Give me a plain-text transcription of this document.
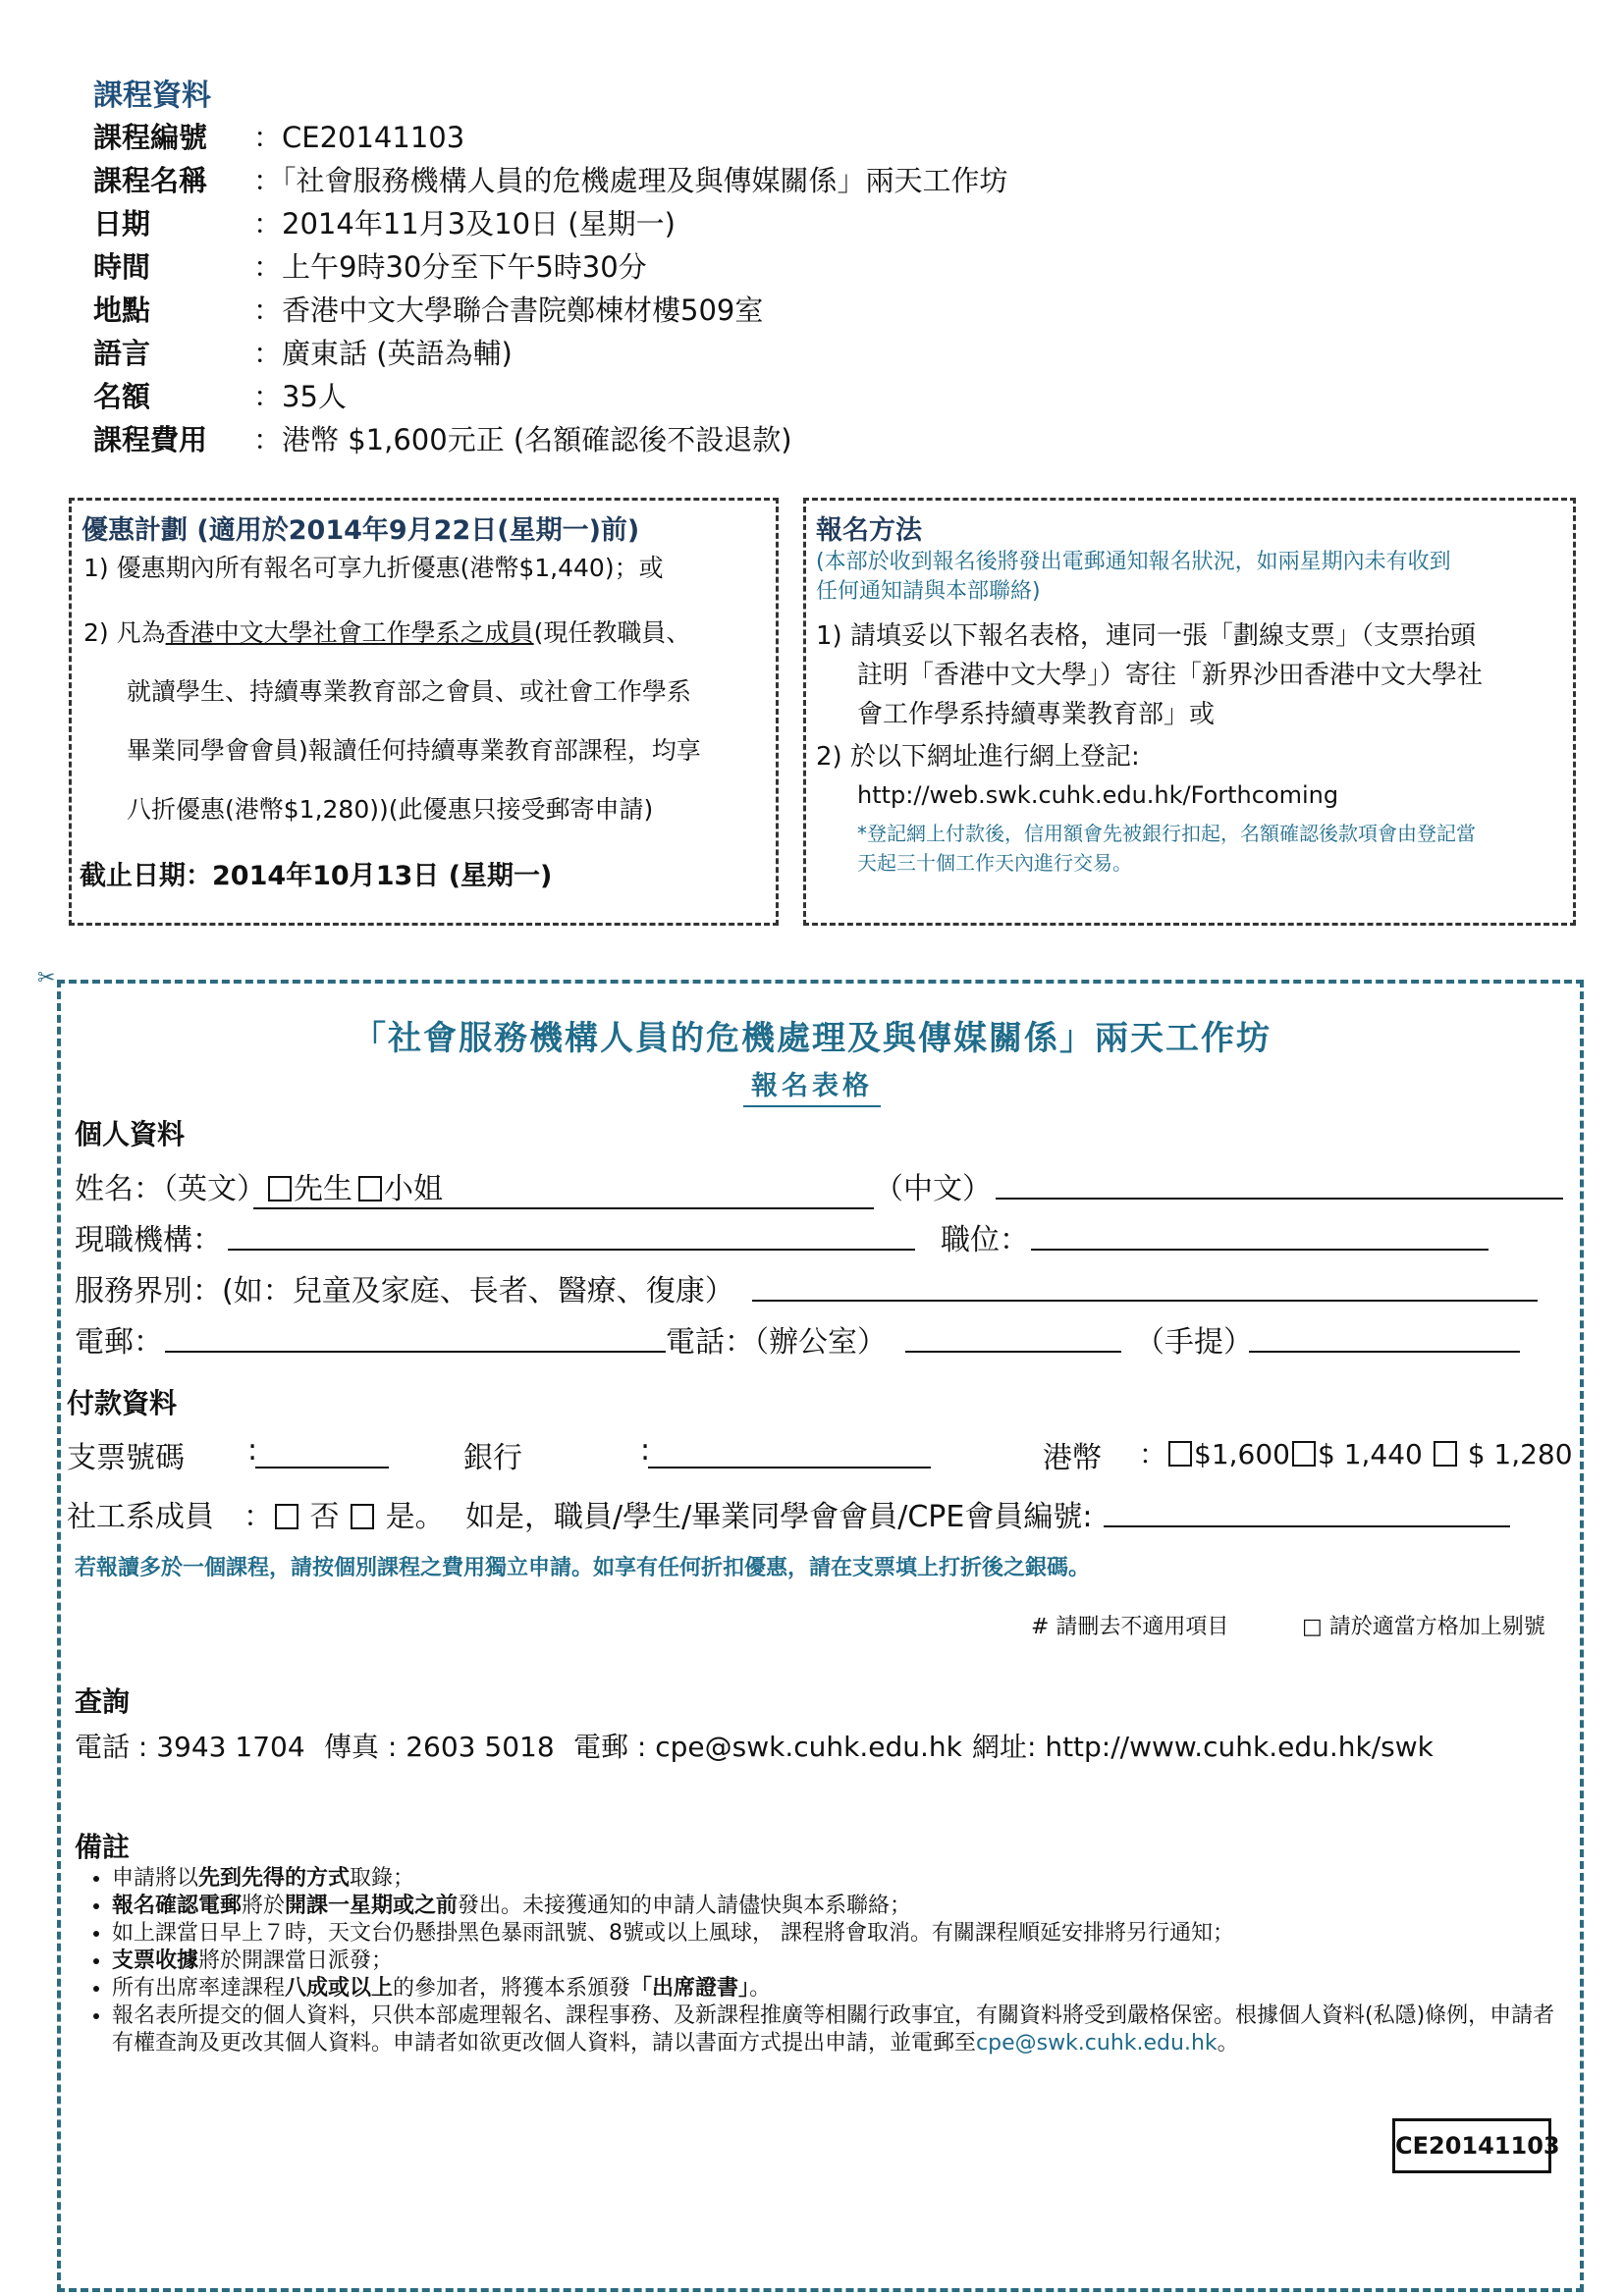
課程資料
課程編號 ：CE20141103
課程名稱 ：「社會服務機構人員的危機處理及與傳媒關係」兩天工作坊
日期	：2014年11月3及10日 (星期一)
時間	：上午9時30分至下午5時30分
地點	：香港中文大學聯合書院鄭棟材樓509室
語言	：廣東話 (英語為輔)
名額	：35人
課程費用 ：港幣 $1,600元正 (名額確認後不設退款)
優惠計劃 (適用於2014年9月22日(星期一)前)
1) 優惠期內所有報名可享九折優惠(港幣$1,440)；或
2) 凡為香港中文大學社會工作學系之成員(現任教職員、
就讀學生、持續專業教育部之會員、或社會工作學系
畢業同學會會員)報讀任何持續專業教育部課程，均享
八折優惠(港幣$1,280))(此優惠只接受郵寄申請)
截止日期：2014年10月13日 (星期一)
報名方法
(本部於收到報名後將發出電郵通知報名狀況，如兩星期內未有收到
任何通知請與本部聯絡)
1) 請填妥以下報名表格，連同一張「劃線支票」（支票抬頭
註明「香港中文大學」）寄往「新界沙田香港中文大學社
會工作學系持續專業教育部」或
2) 於以下網址進行網上登記:
http://web.swk.cuhk.edu.hk/Forthcoming
*登記網上付款後，信用額會先被銀行扣起，名額確認後款項會由登記當
天起三十個工作天內進行交易。
✂
「社會服務機構人員的危機處理及與傳媒關係」兩天工作坊
報名表格
個人資料
姓名：（英文） 先生 小姐	（中文）
現職機構：	職位：
服務界別：(如：兒童及家庭、長者、醫療、復康）
電郵：	電話：（辦公室）	（手提）
付款資料
支票號碼 :	銀行	:	港幣 ： $1,600 $ 1,440 $ 1,280
社工系成員 ： 否 是。 如是，職員/學生/畢業同學會會員/CPE會員編號:
若報讀多於一個課程，請按個別課程之費用獨立申請。如享有任何折扣優惠，請在支票填上打折後之銀碼。
# 請刪去不適用項目	□ 請於適當方格加上剔號
查詢
電話 : 3943 1704 傳真 : 2603 5018 電郵 : cpe@swk.cuhk.edu.hk 網址: http://www.cuhk.edu.hk/swk
備註
• 申請將以先到先得的方式取錄；
• 報名確認電郵將於開課一星期或之前發出。未接獲通知的申請人請儘快與本系聯絡；
• 如上課當日早上７時，天文台仍懸掛黑色暴雨訊號、8號或以上風球， 課程將會取消。有關課程順延安排將另行通知；
• 支票收據將於開課當日派發；
• 所有出席率達課程八成或以上的參加者，將獲本系頒發「出席證書」。
• 報名表所提交的個人資料，只供本部處理報名、課程事務、及新課程推廣等相關行政事宜，有關資料將受到嚴格保密。根據個人資料(私隱)條例，申請者有權查詢及更改其個人資料。申請者如欲更改個人資料，請以書面方式提出申請，並電郵至cpe@swk.cuhk.edu.hk。
CE20141103
